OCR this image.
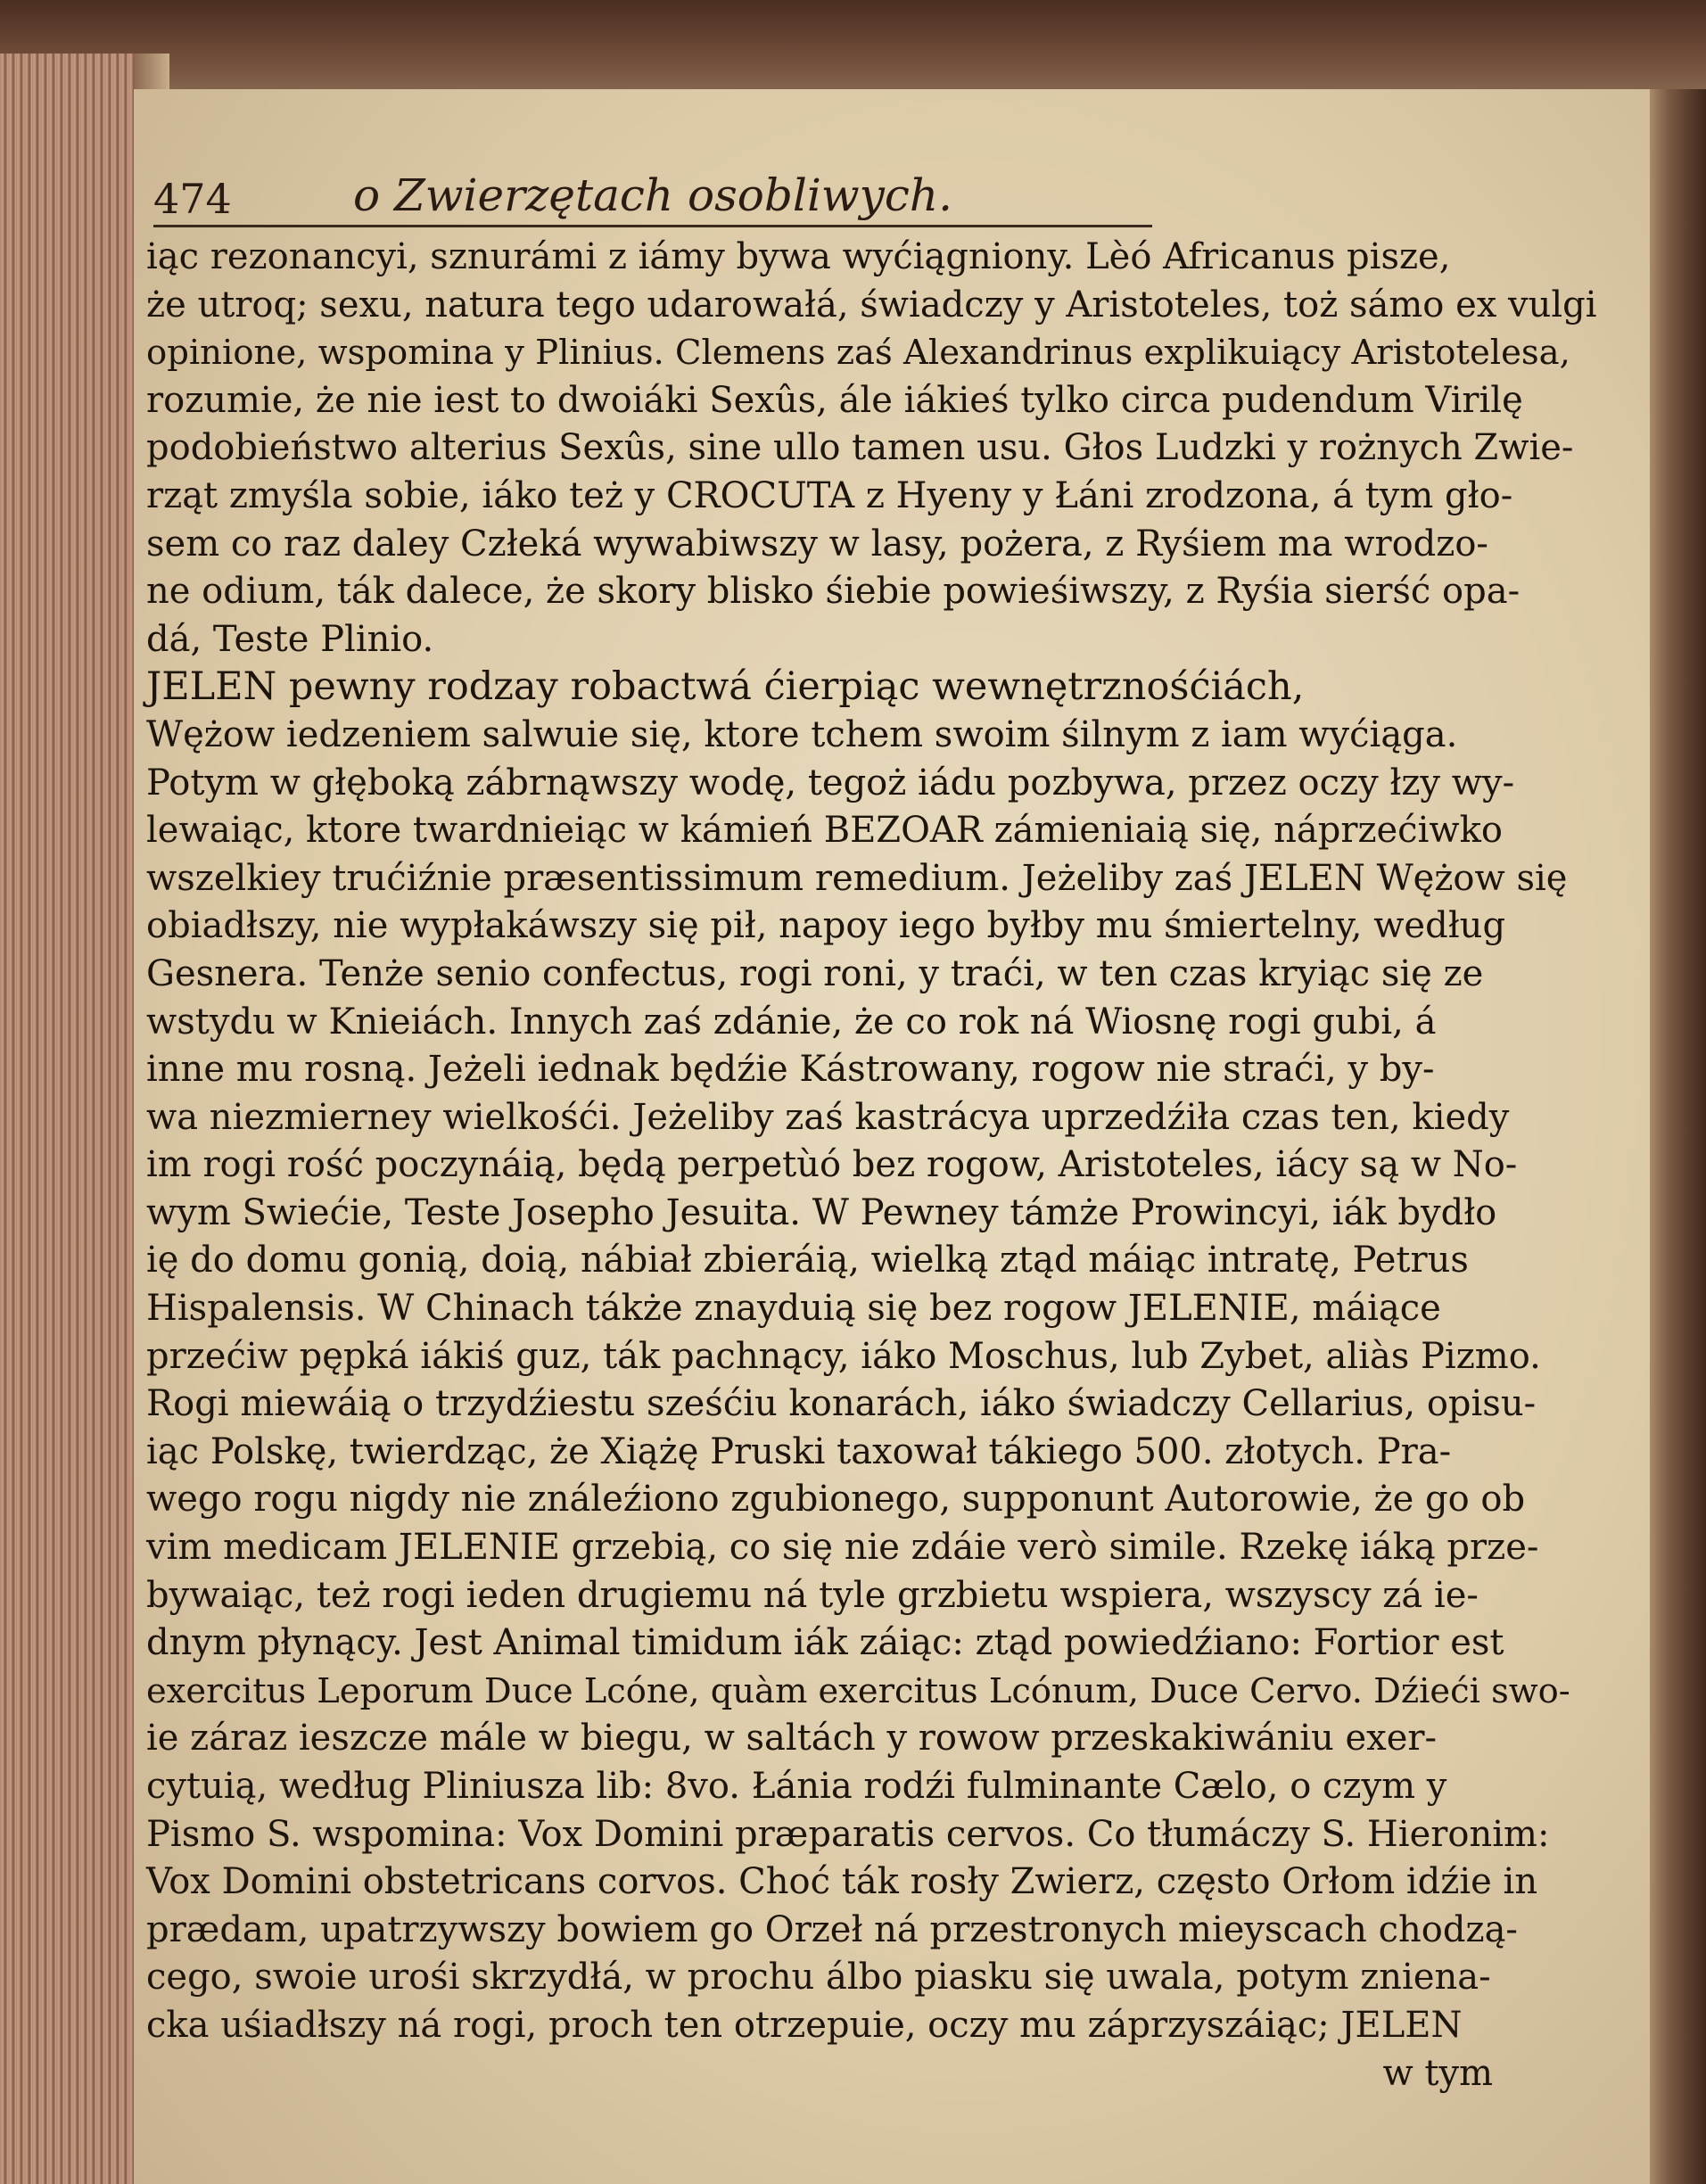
474	o Zwierzętach osobliwych.
iąc rezonancyi, sznurámi z iámy bywa wyćiągniony. Lèó Africanus pisze,
że utroq; sexu, natura tego udarowałá, świadczy y Aristoteles, toż sámo ex vulgi
opinione, wspomina y Plinius. Clemens zaś Alexandrinus explikuiący Aristotelesa,
rozumie, że nie iest to dwoiáki Sexûs, ále iákieś tylko circa pudendum Virilę
podobieństwo alterius Sexûs, sine ullo tamen usu. Głos Ludzki y rożnych Zwie-
rząt zmyśla sobie, iáko też y CROCUTA z Hyeny y Łáni zrodzona, á tym gło-
sem co raz daley Człeká wywabiwszy w lasy, pożera, z Ryśiem ma wrodzo-
ne odium, ták dalece, że skory blisko śiebie powieśiwszy, z Ryśia sierść opa-
dá, Teste Plinio.
JELEN pewny rodzay robactwá ćierpiąc wewnętrznośćiách,
Wężow iedzeniem salwuie się, ktore tchem swoim śilnym z iam wyćiąga.
Potym w głęboką zábrnąwszy wodę, tegoż iádu pozbywa, przez oczy łzy wy-
lewaiąc, ktore twardnieiąc w kámień BEZOAR zámieniaią się, náprzećiwko
wszelkiey trućiźnie præsentissimum remedium. Jeżeliby zaś JELEN Wężow się
obiadłszy, nie wypłakáwszy się pił, napoy iego byłby mu śmiertelny, według
Gesnera. Tenże senio confectus, rogi roni, y traći, w ten czas kryiąc się ze
wstydu w Knieiách. Innych zaś zdánie, że co rok ná Wiosnę rogi gubi, á
inne mu rosną. Jeżeli iednak będźie Kástrowany, rogow nie straći, y by-
wa niezmierney wielkośći. Jeżeliby zaś kastrácya uprzedźiła czas ten, kiedy
im rogi rość poczynáią, będą perpetùó bez rogow, Aristoteles, iácy są w No-
wym Swiećie, Teste Josepho Jesuita. W Pewney támże Prowincyi, iák bydło
ię do domu gonią, doią, nábiał zbieráią, wielką ztąd máiąc intratę, Petrus
Hispalensis. W Chinach tákże znayduią się bez rogow JELENIE, máiące
przećiw pępká iákiś guz, ták pachnący, iáko Moschus, lub Zybet, aliàs Pizmo.
Rogi miewáią o trzydźiestu sześćiu konarách, iáko świadczy Cellarius, opisu-
iąc Polskę, twierdząc, że Xiążę Pruski taxował tákiego 500. złotych. Pra-
wego rogu nigdy nie ználeźiono zgubionego, supponunt Autorowie, że go ob
vim medicam JELENIE grzebią, co się nie zdáie verò simile. Rzekę iáką prze-
bywaiąc, też rogi ieden drugiemu ná tyle grzbietu wspiera, wszyscy zá ie-
dnym płynący. Jest Animal timidum iák záiąc: ztąd powiedźiano: Fortior est
exercitus Leporum Duce Lcóne, quàm exercitus Lcónum, Duce Cervo. Dźieći swo-
ie záraz ieszcze mále w biegu, w saltách y rowow przeskakiwániu exer-
cytuią, według Pliniusza lib: 8vo. Łánia rodźi fulminante Cælo, o czym y
Pismo S. wspomina: Vox Domini præparatis cervos. Co tłumáczy S. Hieronim:
Vox Domini obstetricans corvos. Choć ták rosły Zwierz, często Orłom idźie in
prædam, upatrzywszy bowiem go Orzeł ná przestronych mieyscach chodzą-
cego, swoie urośi skrzydłá, w prochu álbo piasku się uwala, potym zniena-
cka uśiadłszy ná rogi, proch ten otrzepuie, oczy mu záprzyszáiąc; JELEN
w tym
